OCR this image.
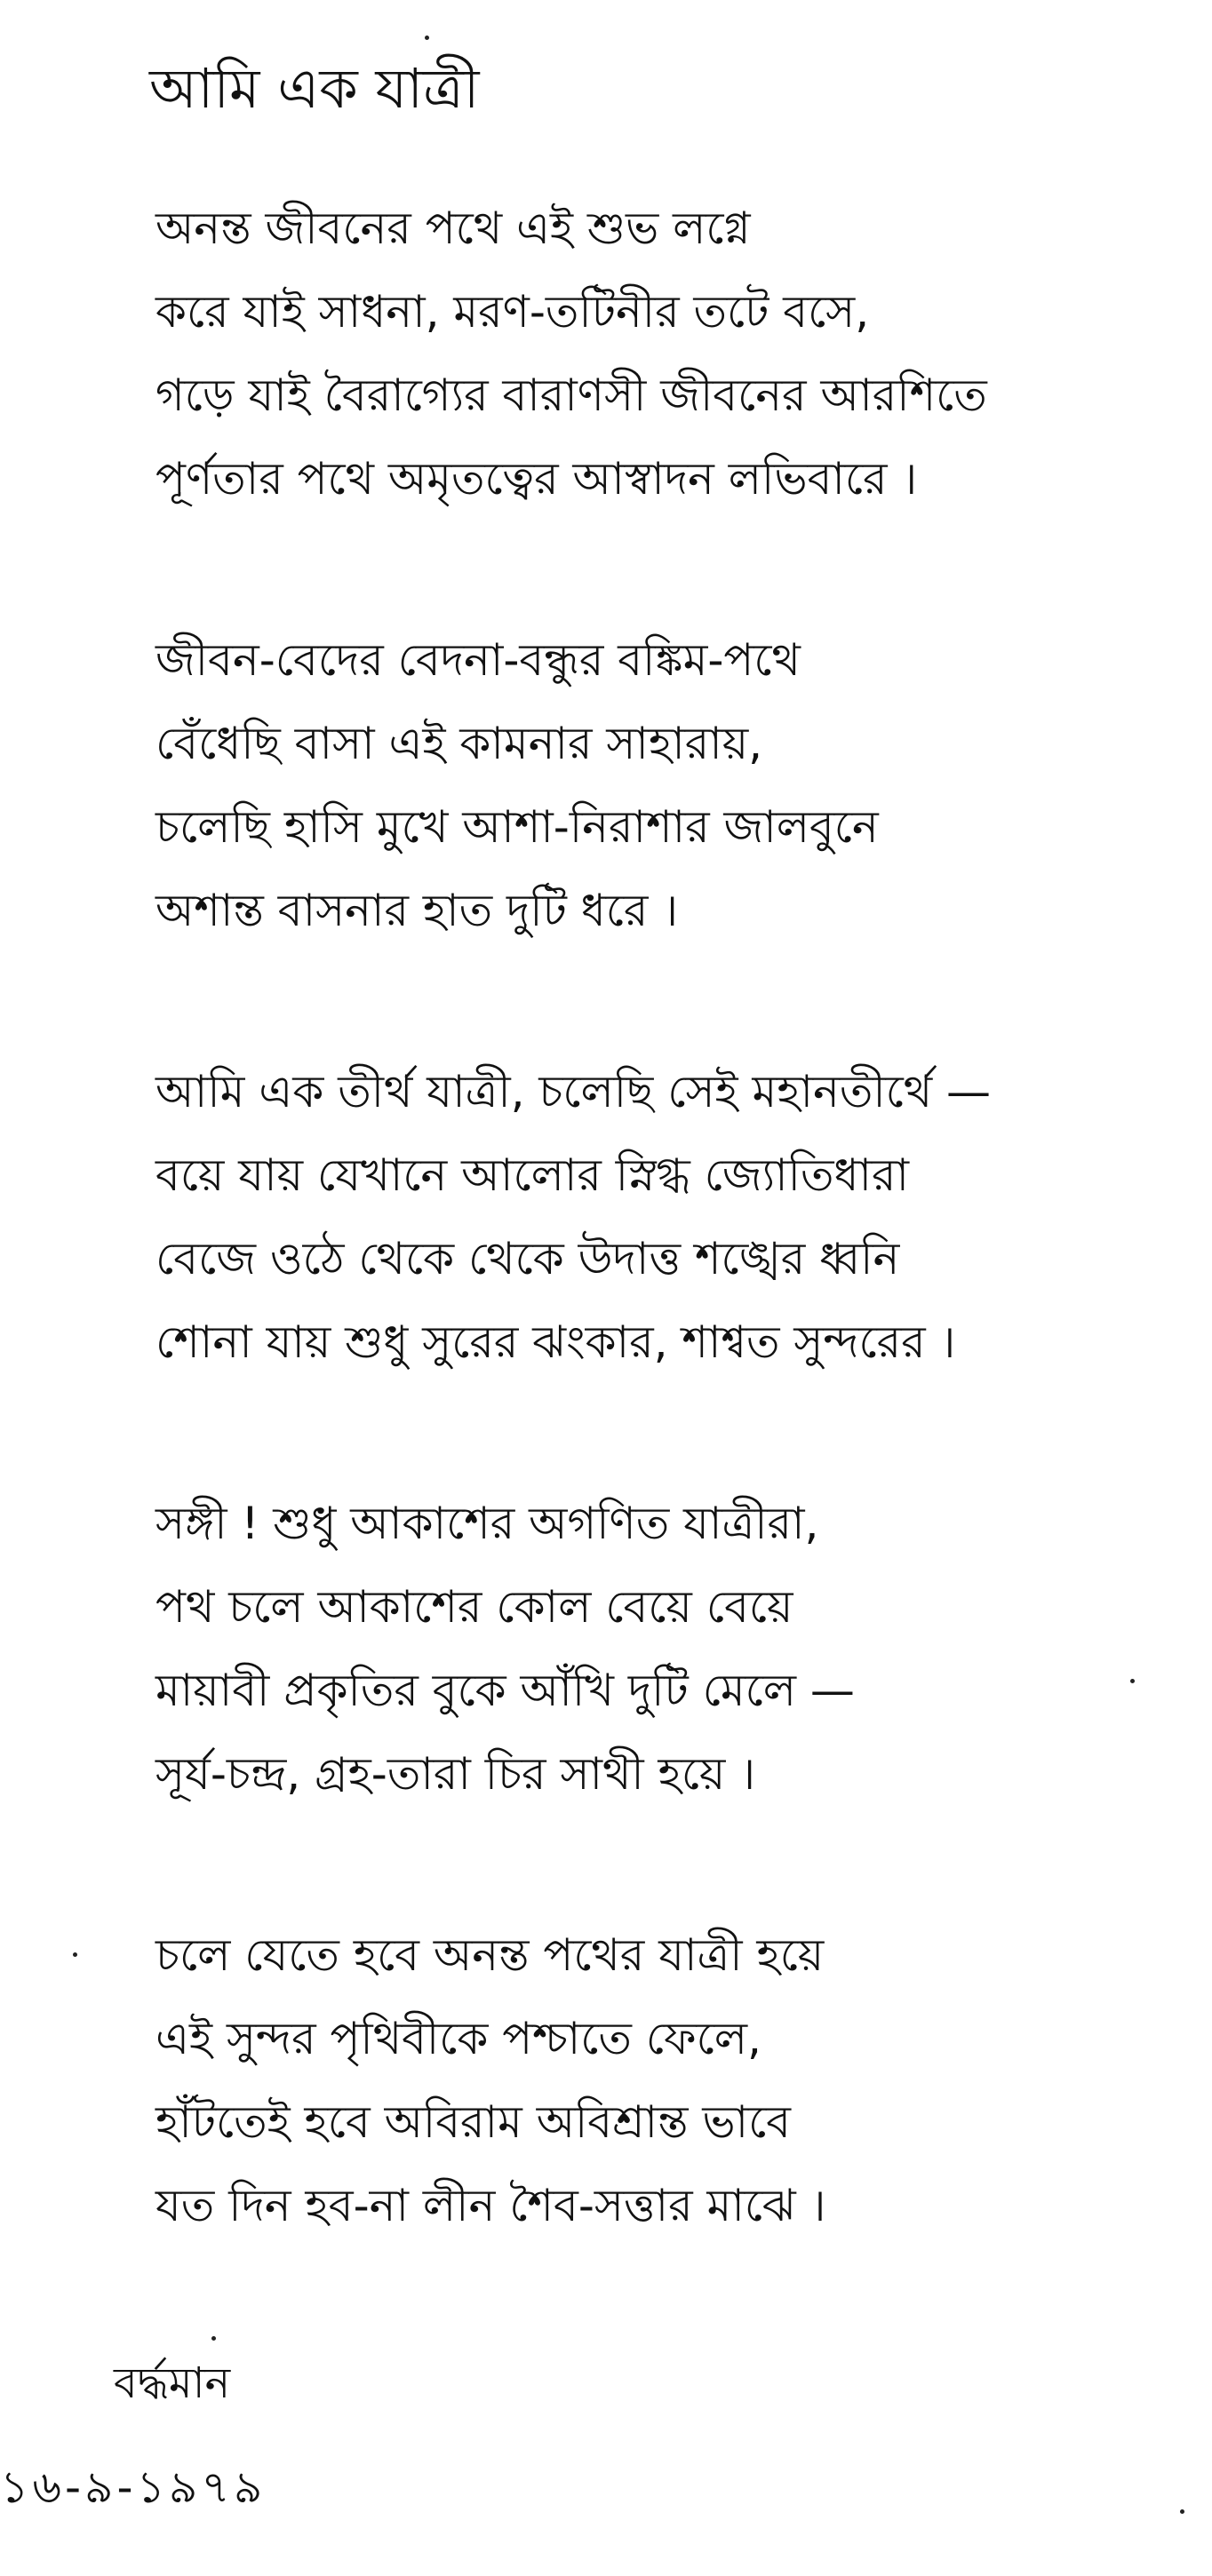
আমি এক যাত্রী
অনন্ত জীবনের পথে এই শুভ লগ্নে
করে যাই সাধনা, মরণ-তটিনীর তটে বসে,
গড়ে যাই বৈরাগ্যের বারাণসী জীবনের আরশিতে
পূর্ণতার পথে অমৃতত্বের আস্বাদন লভিবারে ।
জীবন-বেদের বেদনা-বন্ধুর বঙ্কিম-পথে
বেঁধেছি বাসা এই কামনার সাহারায়,
চলেছি হাসি মুখে আশা-নিরাশার জালবুনে
অশান্ত বাসনার হাত দুটি ধরে ।
আমি এক তীর্থ যাত্রী, চলেছি সেই মহানতীর্থে —
বয়ে যায় যেখানে আলোর স্নিগ্ধ জ্যোতিধারা
বেজে ওঠে থেকে থেকে উদাত্ত শঙ্খের ধ্বনি
শোনা যায় শুধু সুরের ঝংকার, শাশ্বত সুন্দরের ।
সঙ্গী ! শুধু আকাশের অগণিত যাত্রীরা,
পথ চলে আকাশের কোল বেয়ে বেয়ে
মায়াবী প্রকৃতির বুকে আঁখি দুটি মেলে —
সূর্য-চন্দ্র, গ্রহ-তারা চির সাথী হয়ে ।
চলে যেতে হবে অনন্ত পথের যাত্রী হয়ে
এই সুন্দর পৃথিবীকে পশ্চাতে ফেলে,
হাঁটতেই হবে অবিরাম অবিশ্রান্ত ভাবে
যত দিন হব-না লীন শৈব-সত্তার মাঝে ।
বর্দ্ধমান
১৬-৯-১৯৭৯
